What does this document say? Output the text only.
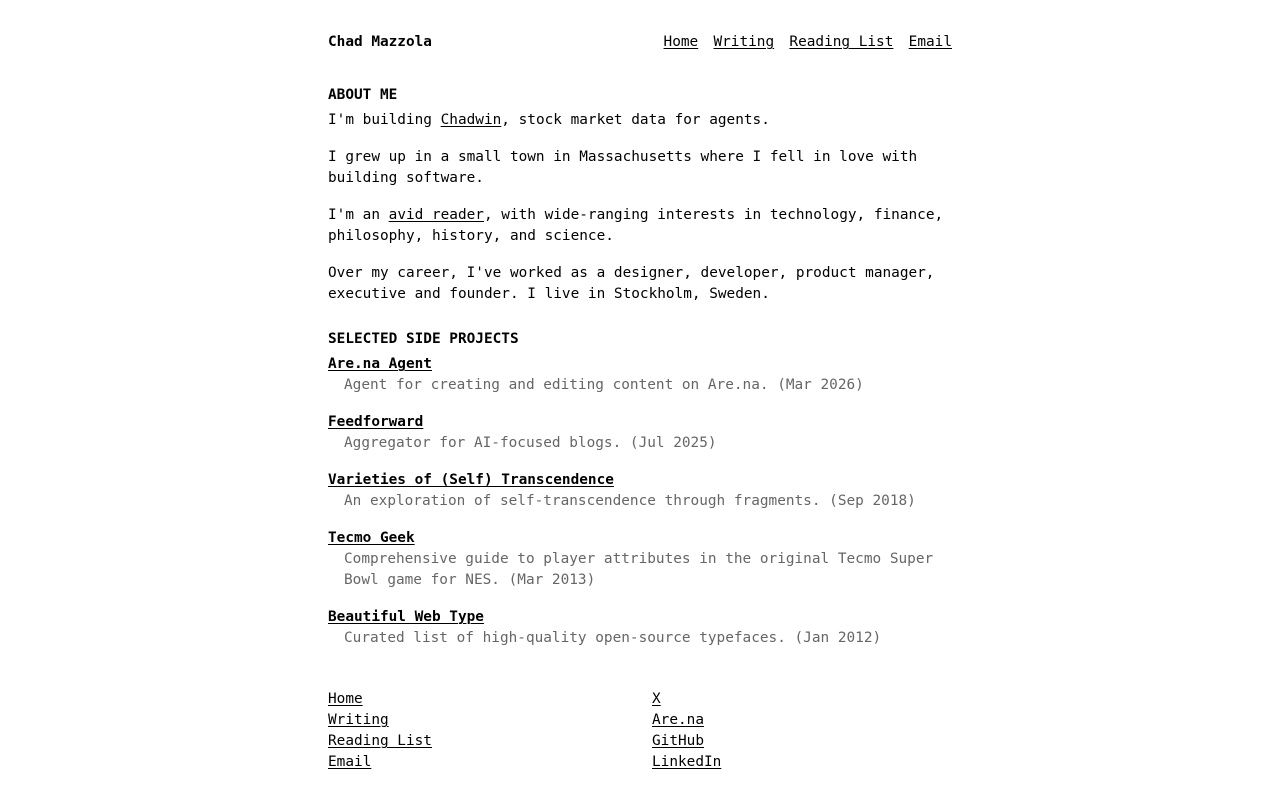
Chad Mazzola	Home Writing Reading List Email
ABOUT ME

I'm building Chadwin, stock market data for agents.

I grew up in a small town in Massachusetts where I fell in love with building software.

I'm an avid reader, with wide-ranging interests in technology, finance, philosophy, history, and science.

Over my career, I've worked as a designer, developer, product manager, executive and founder. I live in Stockholm, Sweden.

SELECTED SIDE PROJECTS
Are.na Agent
Agent for creating and editing content on Are.na. (Mar 2026)
Feedforward
Aggregator for AI-focused blogs. (Jul 2025)
Varieties of (Self) Transcendence
An exploration of self-transcendence through fragments. (Sep 2018)
Tecmo Geek
Comprehensive guide to player attributes in the original Tecmo Super Bowl game for NES. (Mar 2013)
Beautiful Web Type
Curated list of high-quality open-source typefaces. (Jan 2012)
Home
Writing
Reading List
Email
X
Are.na
GitHub
LinkedIn
